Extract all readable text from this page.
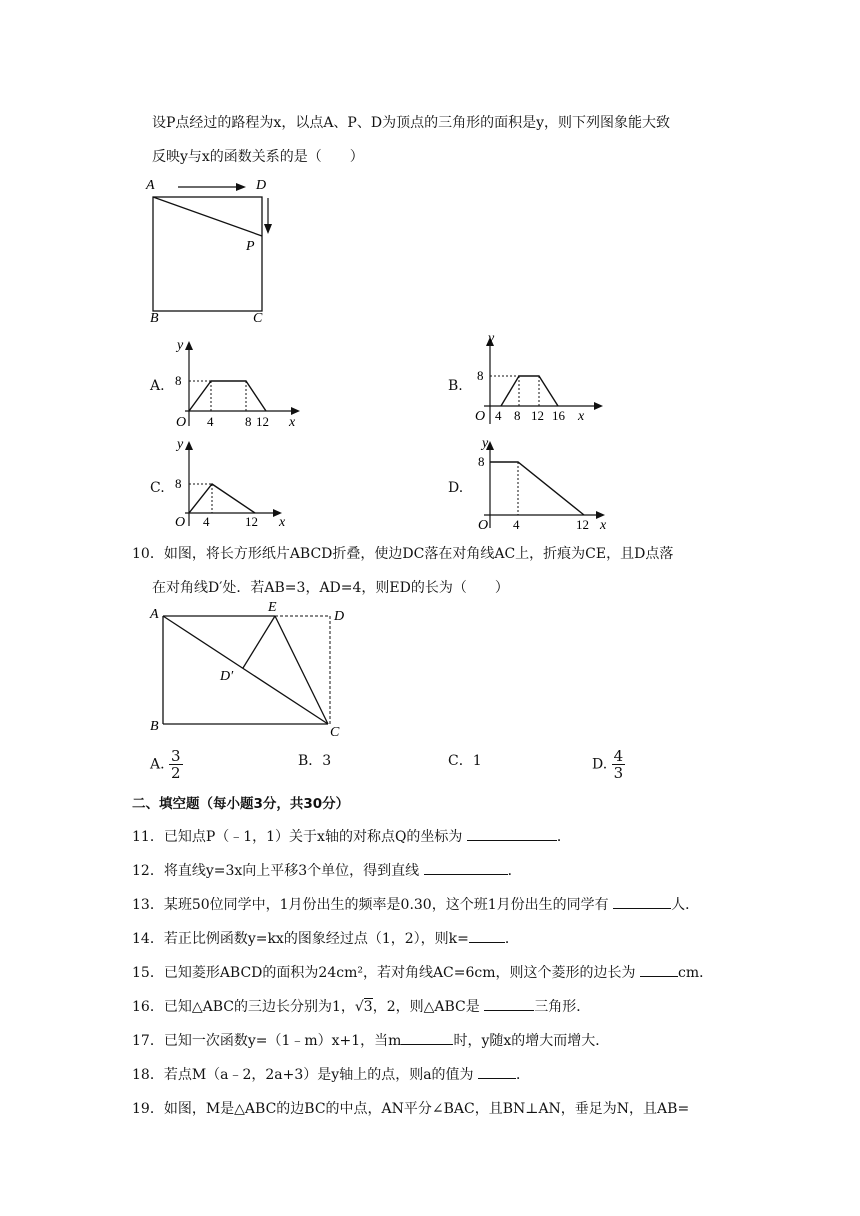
设P点经过的路程为x，以点A、P、D为顶点的三角形的面积是y，则下列图象能大致
反映y与x的函数关系的是（　　）
A	D
P
B	C
A.
y
8
O 4 8 12 x
B.
y
8
O 4 8 12 16 x
C.
y
8
O 4	12 x
D.
y
8
O 4	12 x
10．如图，将长方形纸片ABCD折叠，使边DC落在对角线AC上，折痕为CE，且D点落
在对角线D′处．若AB=3，AD=4，则ED的长为（　　）
A	E
D
D′
B	C
A. $\frac{3}{2}$	B．3	C．1	D. $\frac{4}{3}$
二、填空题（每小题3分，共30分）
11．已知点P（﹣1，1）关于x轴的对称点Q的坐标为	．
12．将直线y=3x向上平移3个单位，得到直线	．
13．某班50位同学中，1月份出生的频率是0.30，这个班1月份出生的同学有	人．
14．若正比例函数y=kx的图象经过点（1，2），则k=	．
15．已知菱形ABCD的面积为24cm²，若对角线AC=6cm，则这个菱形的边长为	cm．
16．已知△ABC的三边长分别为1，√3，2，则△ABC是	三角形．
17．已知一次函数y=（1﹣m）x+1，当m	时，y随x的增大而增大．
18．若点M（a﹣2，2a+3）是y轴上的点，则a的值为	．
19．如图，M是△ABC的边BC的中点，AN平分∠BAC，且BN⊥AN，垂足为N，且AB=
